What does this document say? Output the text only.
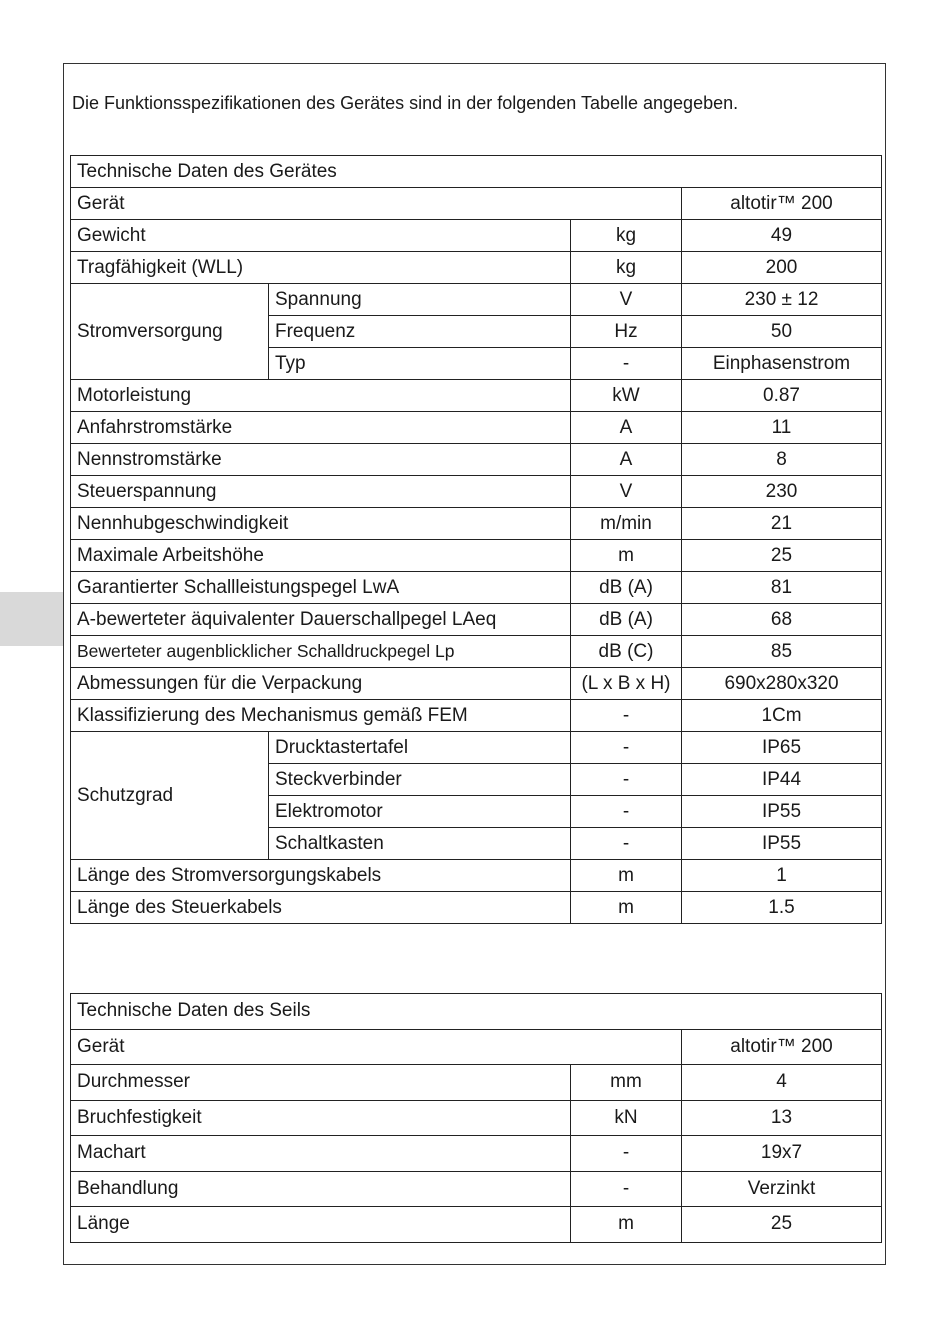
Die Funktionsspezifikationen des Gerätes sind in der folgenden Tabelle angegeben.
Technische Daten des Gerätes			
Gerät			altotir™ 200
Gewicht		kg	49
Tragfähigkeit (WLL)		kg	200
Stromversorgung	Spannung	V	230 ± 12
	Frequenz	Hz	50
	Typ	-	Einphasenstrom
Motorleistung		kW	0.87
Anfahrstromstärke		A	11
Nennstromstärke		A	8
Steuerspannung		V	230
Nennhubgeschwindigkeit		m/min	21
Maximale Arbeitshöhe		m	25
Garantierter Schallleistungspegel LwA		dB (A)	81
A-bewerteter äquivalenter Dauerschallpegel LAeq		dB (A)	68
Bewerteter augenblicklicher Schalldruckpegel Lp		dB (C)	85
Abmessungen für die Verpackung		(L x B x H)	690x280x320
Klassifizierung des Mechanismus gemäß FEM		-	1Cm
Schutzgrad	Drucktastertafel	-	IP65
	Steckverbinder	-	IP44
	Elektromotor	-	IP55
	Schaltkasten	-	IP55
Länge des Stromversorgungskabels		m	1
Länge des Steuerkabels		m	1.5
Technische Daten des Seils		
Gerät		altotir™ 200
Durchmesser	mm	4
Bruchfestigkeit	kN	13
Machart	-	19x7
Behandlung	-	Verzinkt
Länge	m	25
